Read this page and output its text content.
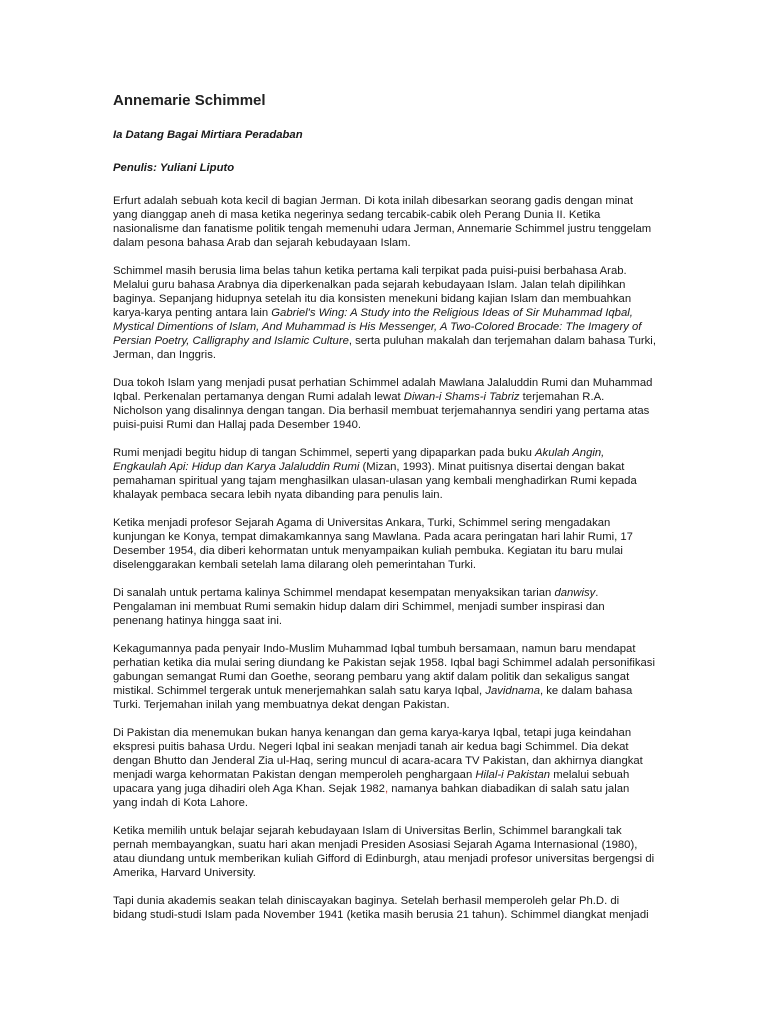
Annemarie Schimmel
Ia Datang Bagai Mirtiara Peradaban
Penulis: Yuliani Liputo

Erfurt adalah sebuah kota kecil di bagian Jerman. Di kota inilah dibesarkan seorang gadis dengan minat yang dianggap aneh di masa ketika negerinya sedang tercabik-cabik oleh Perang Dunia II. Ketika nasionalisme dan fanatisme politik tengah memenuhi udara Jerman, Annemarie Schimmel justru tenggelam dalam pesona bahasa Arab dan sejarah kebudayaan Islam.

Schimmel masih berusia lima belas tahun ketika pertama kali terpikat pada puisi-puisi berbahasa Arab. Melalui guru bahasa Arabnya dia diperkenalkan pada sejarah kebudayaan Islam. Jalan telah dipilihkan baginya. Sepanjang hidupnya setelah itu dia konsisten menekuni bidang kajian Islam dan membuahkan karya-karya penting antara lain Gabriel's Wing: A Study into the Religious Ideas of Sir Muhammad Iqbal, Mystical Dimentions of Islam, And Muhammad is His Messenger, A Two-Colored Brocade: The Imagery of Persian Poetry, Calligraphy and Islamic Culture, serta puluhan makalah dan terjemahan dalam bahasa Turki, Jerman, dan Inggris.

Dua tokoh Islam yang menjadi pusat perhatian Schimmel adalah Mawlana Jalaluddin Rumi dan Muhammad Iqbal. Perkenalan pertamanya dengan Rumi adalah lewat Diwan-i Shams-i Tabriz terjemahan R.A. Nicholson yang disalinnya dengan tangan. Dia berhasil membuat terjemahannya sendiri yang pertama atas puisi-puisi Rumi dan Hallaj pada Desember 1940.

Rumi menjadi begitu hidup di tangan Schimmel, seperti yang dipaparkan pada buku Akulah Angin, Engkaulah Api: Hidup dan Karya Jalaluddin Rumi (Mizan, 1993). Minat puitisnya disertai dengan bakat pemahaman spiritual yang tajam menghasilkan ulasan-ulasan yang kembali menghadirkan Rumi kepada khalayak pembaca secara lebih nyata dibanding para penulis lain.

Ketika menjadi profesor Sejarah Agama di Universitas Ankara, Turki, Schimmel sering mengadakan kunjungan ke Konya, tempat dimakamkannya sang Mawlana. Pada acara peringatan hari lahir Rumi, 17 Desember 1954, dia diberi kehormatan untuk menyampaikan kuliah pembuka. Kegiatan itu baru mulai diselenggarakan kembali setelah lama dilarang oleh pemerintahan Turki.

Di sanalah untuk pertama kalinya Schimmel mendapat kesempatan menyaksikan tarian danwisy. Pengalaman ini membuat Rumi semakin hidup dalam diri Schimmel, menjadi sumber inspirasi dan penenang hatinya hingga saat ini.

Kekagumannya pada penyair Indo-Muslim Muhammad Iqbal tumbuh bersamaan, namun baru mendapat perhatian ketika dia mulai sering diundang ke Pakistan sejak 1958. Iqbal bagi Schimmel adalah personifikasi gabungan semangat Rumi dan Goethe, seorang pembaru yang aktif dalam politik dan sekaligus sangat mistikal. Schimmel tergerak untuk menerjemahkan salah satu karya Iqbal, Javidnama, ke dalam bahasa Turki. Terjemahan inilah yang membuatnya dekat dengan Pakistan.

Di Pakistan dia menemukan bukan hanya kenangan dan gema karya-karya Iqbal, tetapi juga keindahan ekspresi puitis bahasa Urdu. Negeri Iqbal ini seakan menjadi tanah air kedua bagi Schimmel. Dia dekat dengan Bhutto dan Jenderal Zia ul-Haq, sering muncul di acara-acara TV Pakistan, dan akhirnya diangkat menjadi warga kehormatan Pakistan dengan memperoleh penghargaan Hilal-i Pakistan melalui sebuah upacara yang juga dihadiri oleh Aga Khan. Sejak 1982, namanya bahkan diabadikan di salah satu jalan yang indah di Kota Lahore.

Ketika memilih untuk belajar sejarah kebudayaan Islam di Universitas Berlin, Schimmel barangkali tak pernah membayangkan, suatu hari akan menjadi Presiden Asosiasi Sejarah Agama Internasional (1980), atau diundang untuk memberikan kuliah Gifford di Edinburgh, atau menjadi profesor universitas bergengsi di Amerika, Harvard University.

Tapi dunia akademis seakan telah diniscayakan baginya. Setelah berhasil memperoleh gelar Ph.D. di bidang studi-studi Islam pada November 1941 (ketika masih berusia 21 tahun). Schimmel diangkat menjadi
